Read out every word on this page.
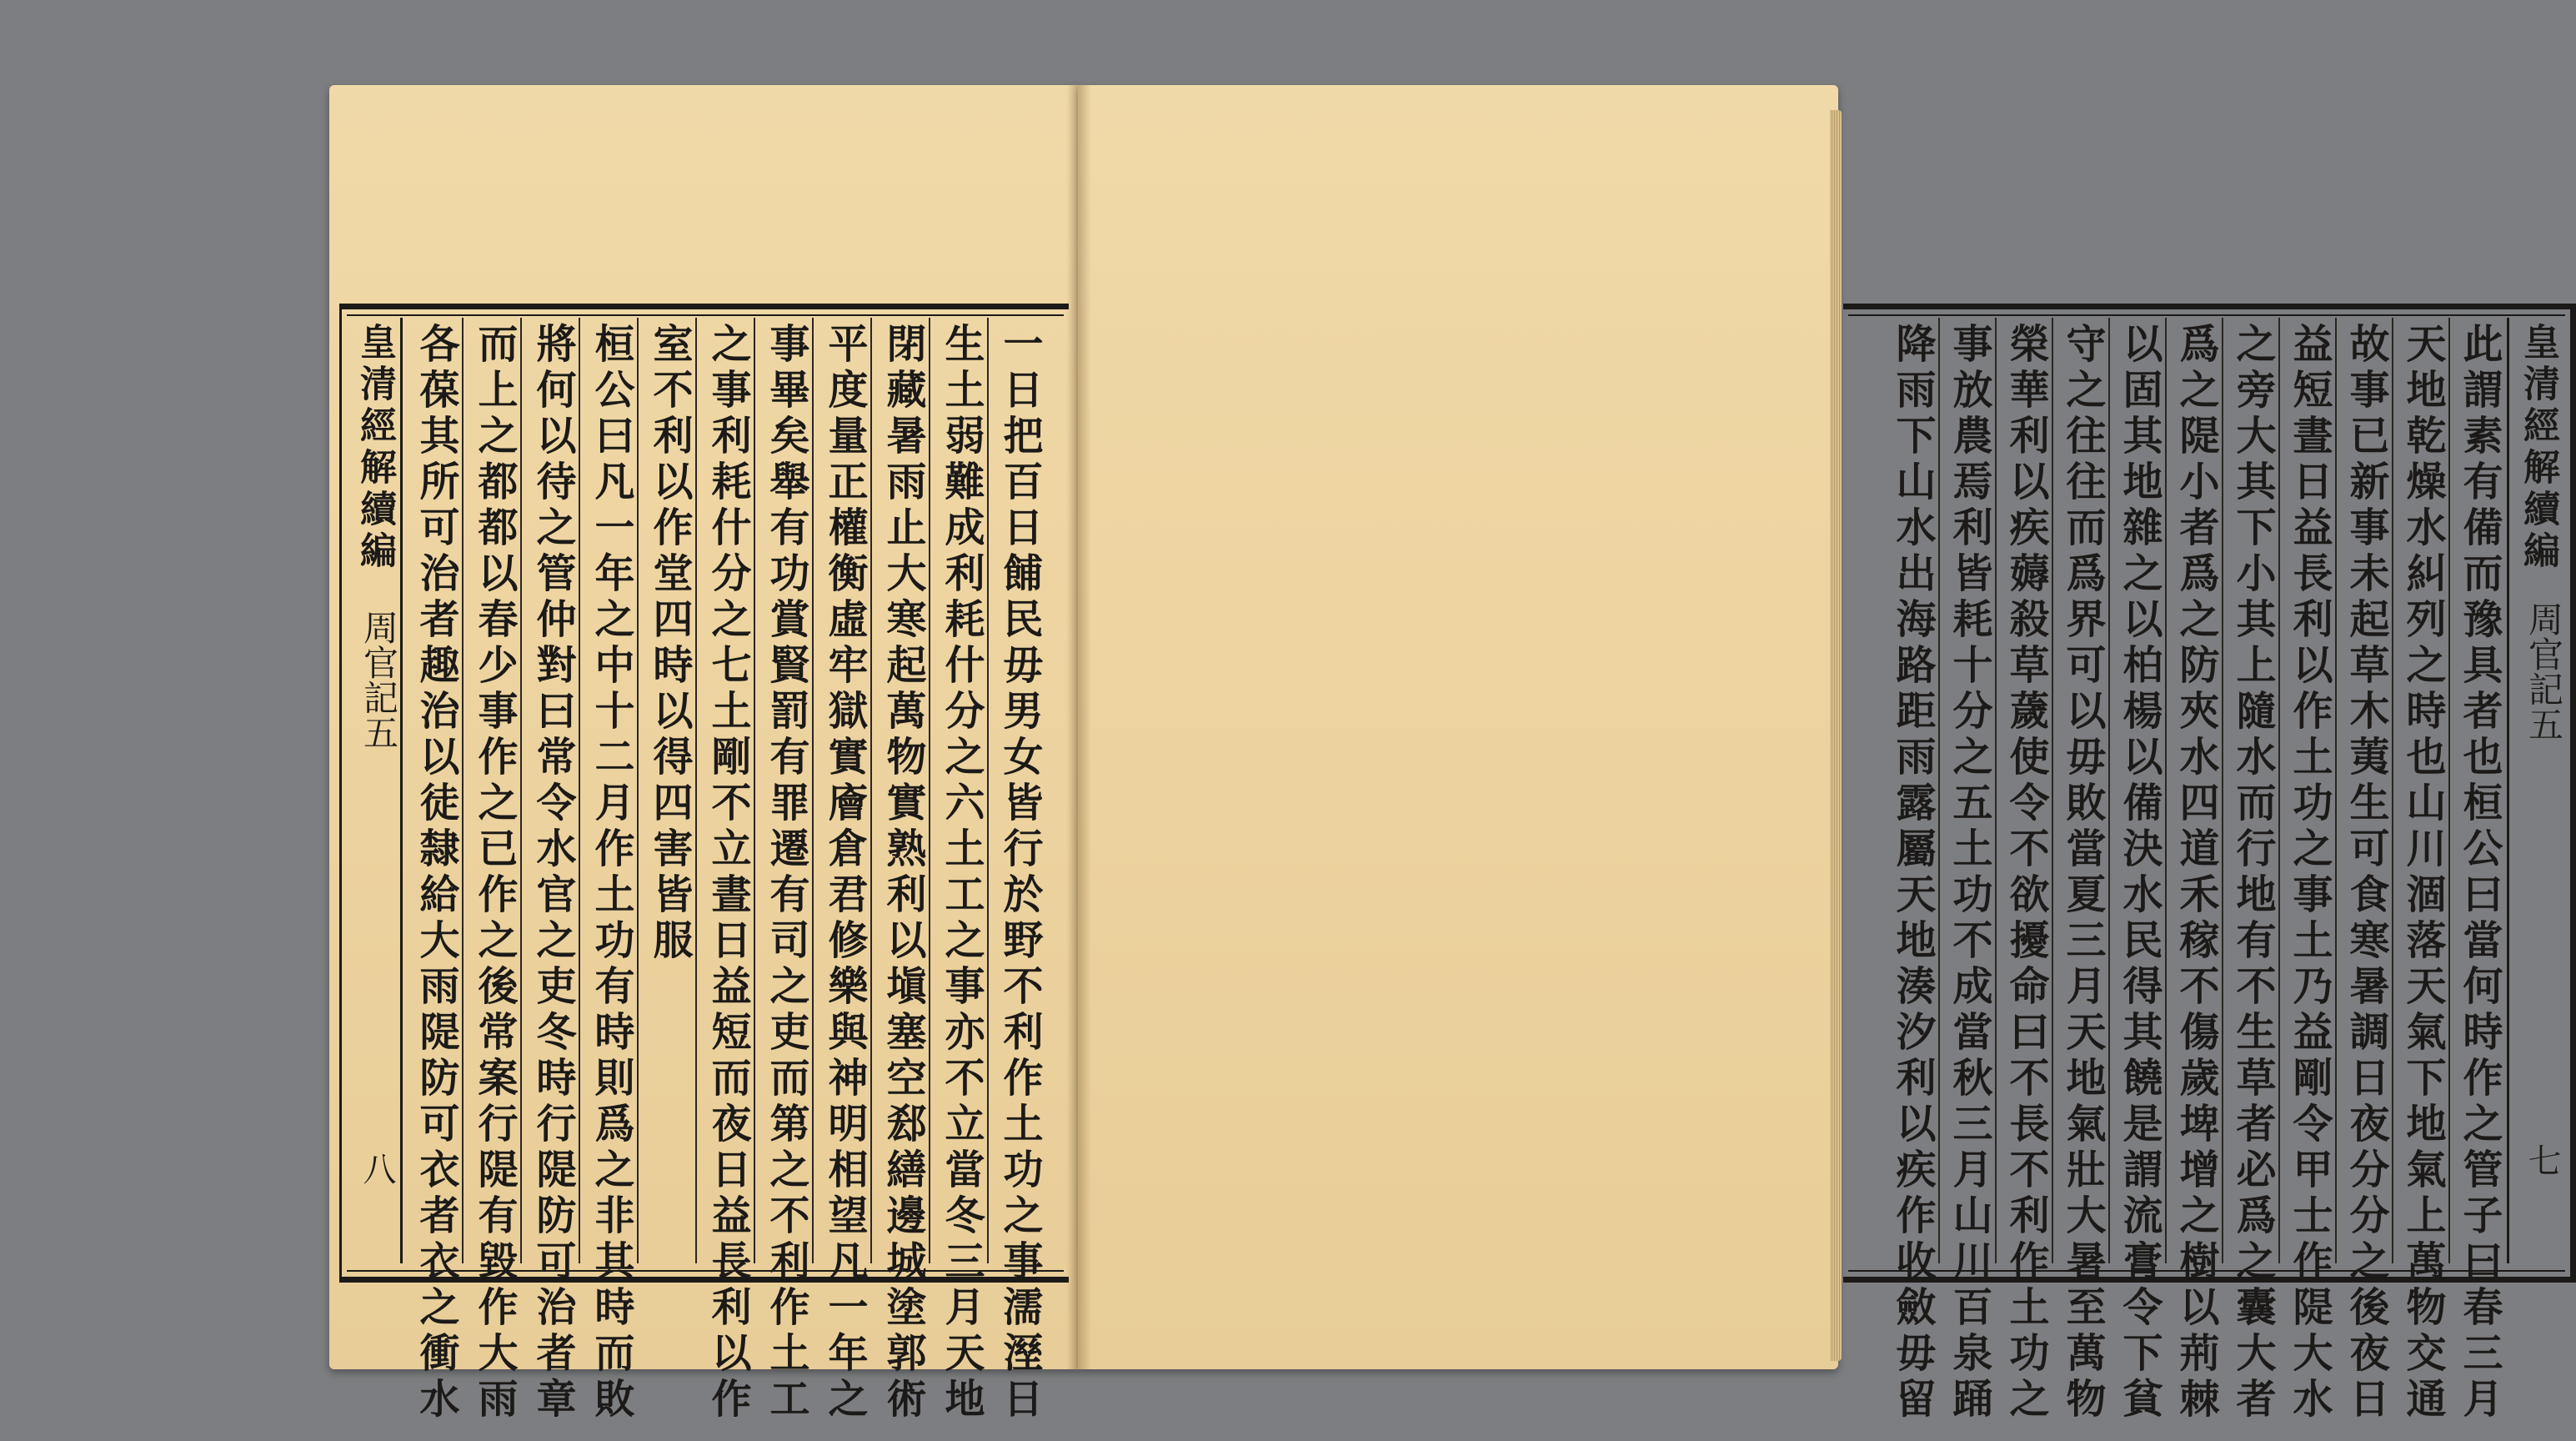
一日把百日餔民毋男女皆行於野不利作土功之事濡溼日
生土弱難成利耗什分之六土工之事亦不立當冬三月天地
閉藏暑雨止大寒起萬物實熟利以塡塞空郄繕邊城塗郭術
平度量正權衡虛牢獄實廥倉君修樂與神明相望凡一年之
事畢矣舉有功賞賢罰有罪遷有司之吏而第之不利作土工
之事利耗什分之七土剛不立晝日益短而夜日益長利以作
室不利以作堂四時以得四害皆服
桓公曰凡一年之中十二月作土功有時則爲之非其時而敗
將何以待之管仲對曰常令水官之吏冬時行隄防可治者章
而上之都都以春少事作之已作之後常案行隄有毀作大雨
各葆其所可治者趣治以徒隸給大雨隄防可衣者衣之衝水
皇清經解續編
周官記五
八
皇清經解續編
周官記五
七
此謂素有備而豫具者也桓公曰當何時作之管子曰春三月
天地乾燥水糾列之時也山川涸落天氣下地氣上萬物交通
故事已新事未起草木荑生可食寒暑調日夜分分之後夜日
益短晝日益長利以作土功之事土乃益剛令甲士作隄大水
之旁大其下小其上隨水而行地有不生草者必爲之囊大者
爲之隄小者爲之防夾水四道禾稼不傷歲埤增之樹以荊棘
以固其地雜之以柏楊以備決水民得其饒是謂流膏令下貧
守之往往而爲界可以毋敗當夏三月天地氣壯大暑至萬物
榮華利以疾薅殺草薉使令不欲擾命曰不長不利作土功之
事放農焉利皆耗十分之五土功不成當秋三月山川百泉踊
降雨下山水出海路距雨露屬天地湊汐利以疾作收斂毋留
